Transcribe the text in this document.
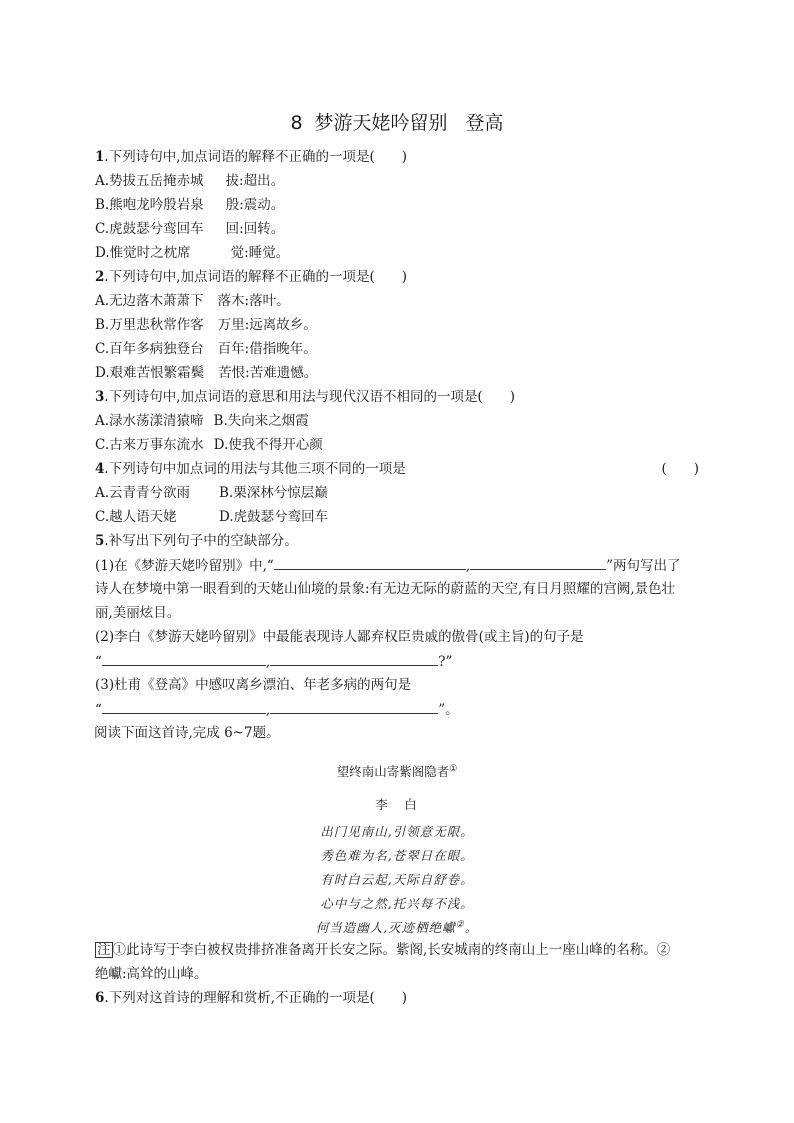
8 梦游天姥吟留别 登高
1.下列诗句中,加点词语的解释不正确的一项是(　　)
A.势拔五岳掩赤城 拔:超出。
B.熊咆龙吟殷岩泉 殷:震动。
C.虎鼓瑟兮鸾回车 回:回转。
D.惟觉时之枕席	觉:睡觉。
2.下列诗句中,加点词语的解释不正确的一项是(　　)
A.无边落木萧萧下 落木:落叶。
B.万里悲秋常作客 万里:远离故乡。
C.百年多病独登台 百年:借指晚年。
D.艰难苦恨繁霜鬓 苦恨:苦难遗憾。
3.下列诗句中,加点词语的意思和用法与现代汉语不相同的一项是(　　)
A.渌水荡漾清猿啼 B.失向来之烟霞
C.古来万事东流水 D.使我不得开心颜
4.下列诗句中加点词的用法与其他三项不同的一项是	(　　)
A.云青青兮欲雨 B.栗深林兮惊层巅
C.越人语天姥	D.虎鼓瑟兮鸾回车
5.补写出下列句子中的空缺部分。
(1)在《梦游天姥吟留别》中,“	,	”两句写出了
诗人在梦境中第一眼看到的天姥山仙境的景象:有无边无际的蔚蓝的天空,有日月照耀的宫阙,景色壮
丽,美丽炫目。
(2)李白《梦游天姥吟留别》中最能表现诗人鄙弃权臣贵戚的傲骨(或主旨)的句子是
“	,	?”
(3)杜甫《登高》中感叹离乡漂泊、年老多病的两句是
“	,	”。
阅读下面这首诗,完成 6~7题。
望终南山寄紫阁隐者①
李　白
出门见南山,引领意无限。
秀色难为名,苍翠日在眼。
有时白云起,天际自舒卷。
心中与之然,托兴每不浅。
何当造幽人,灭迹栖绝巘②。
注 ①此诗写于李白被权贵排挤准备离开长安之际。紫阁,长安城南的终南山上一座山峰的名称。②
绝巘:高耸的山峰。
6.下列对这首诗的理解和赏析,不正确的一项是(　　)
